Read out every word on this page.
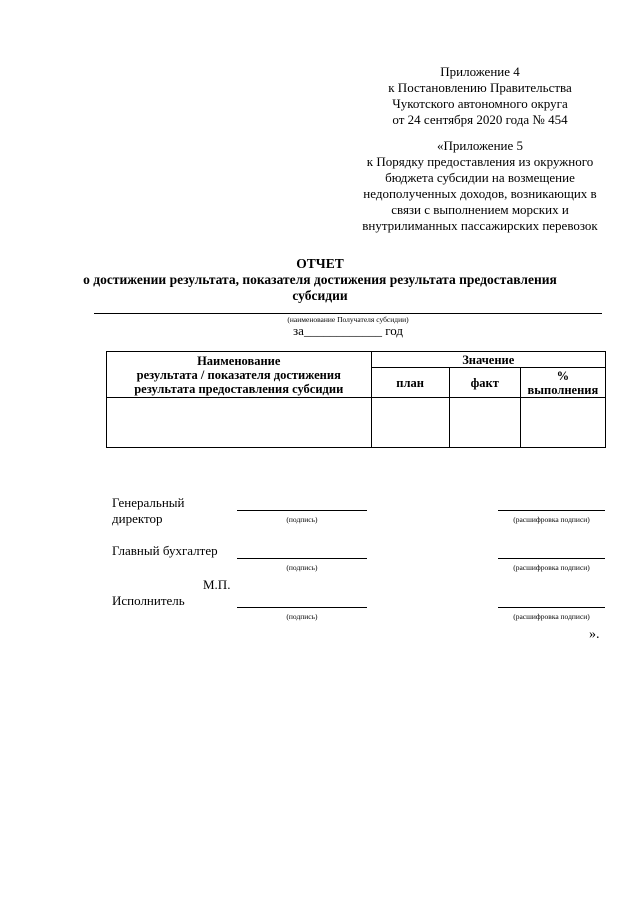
Приложение 4
к Постановлению Правительства
Чукотского автономного округа
от 24 сентября 2020 года № 454
«Приложение 5
к Порядку предоставления из окружного
бюджета субсидии на возмещение
недополученных доходов, возникающих в
связи с выполнением морских и
внутрилиманных пассажирских перевозок
ОТЧЕТ
о достижении результата, показателя достижения результата предоставления
субсидии
(наименование Получателя субсидии)
за____________ год
Наименование
результата / показателя достижения
результата предоставления субсидии	Значение		
	план	факт	%
выполнения

Генеральный
директор	(подпись)	(расшифровка подписи)
Главный бухгалтер
(подпись)	(расшифровка подписи)
М.П.
Исполнитель
(подпись)	(расшифровка подписи)
».
